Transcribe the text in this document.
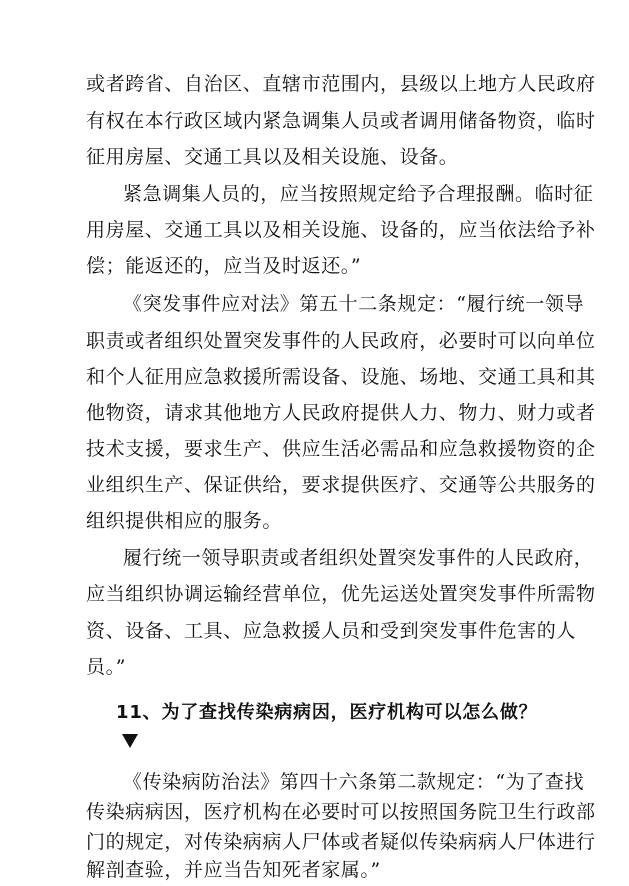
或者跨省、自治区、直辖市范围内，县级以上地方人民政府
有权在本行政区域内紧急调集人员或者调用储备物资，临时
征用房屋、交通工具以及相关设施、设备。
紧急调集人员的，应当按照规定给予合理报酬。临时征
用房屋、交通工具以及相关设施、设备的，应当依法给予补
偿；能返还的，应当及时返还。”
《突发事件应对法》第五十二条规定：“履行统一领导
职责或者组织处置突发事件的人民政府，必要时可以向单位
和个人征用应急救援所需设备、设施、场地、交通工具和其
他物资，请求其他地方人民政府提供人力、物力、财力或者
技术支援，要求生产、供应生活必需品和应急救援物资的企
业组织生产、保证供给，要求提供医疗、交通等公共服务的
组织提供相应的服务。
履行统一领导职责或者组织处置突发事件的人民政府，
应当组织协调运输经营单位，优先运送处置突发事件所需物
资、设备、工具、应急救援人员和受到突发事件危害的人
员。”
11、为了查找传染病病因，医疗机构可以怎么做？
《传染病防治法》第四十六条第二款规定：“为了查找
传染病病因，医疗机构在必要时可以按照国务院卫生行政部
门的规定，对传染病病人尸体或者疑似传染病病人尸体进行
解剖查验，并应当告知死者家属。”
